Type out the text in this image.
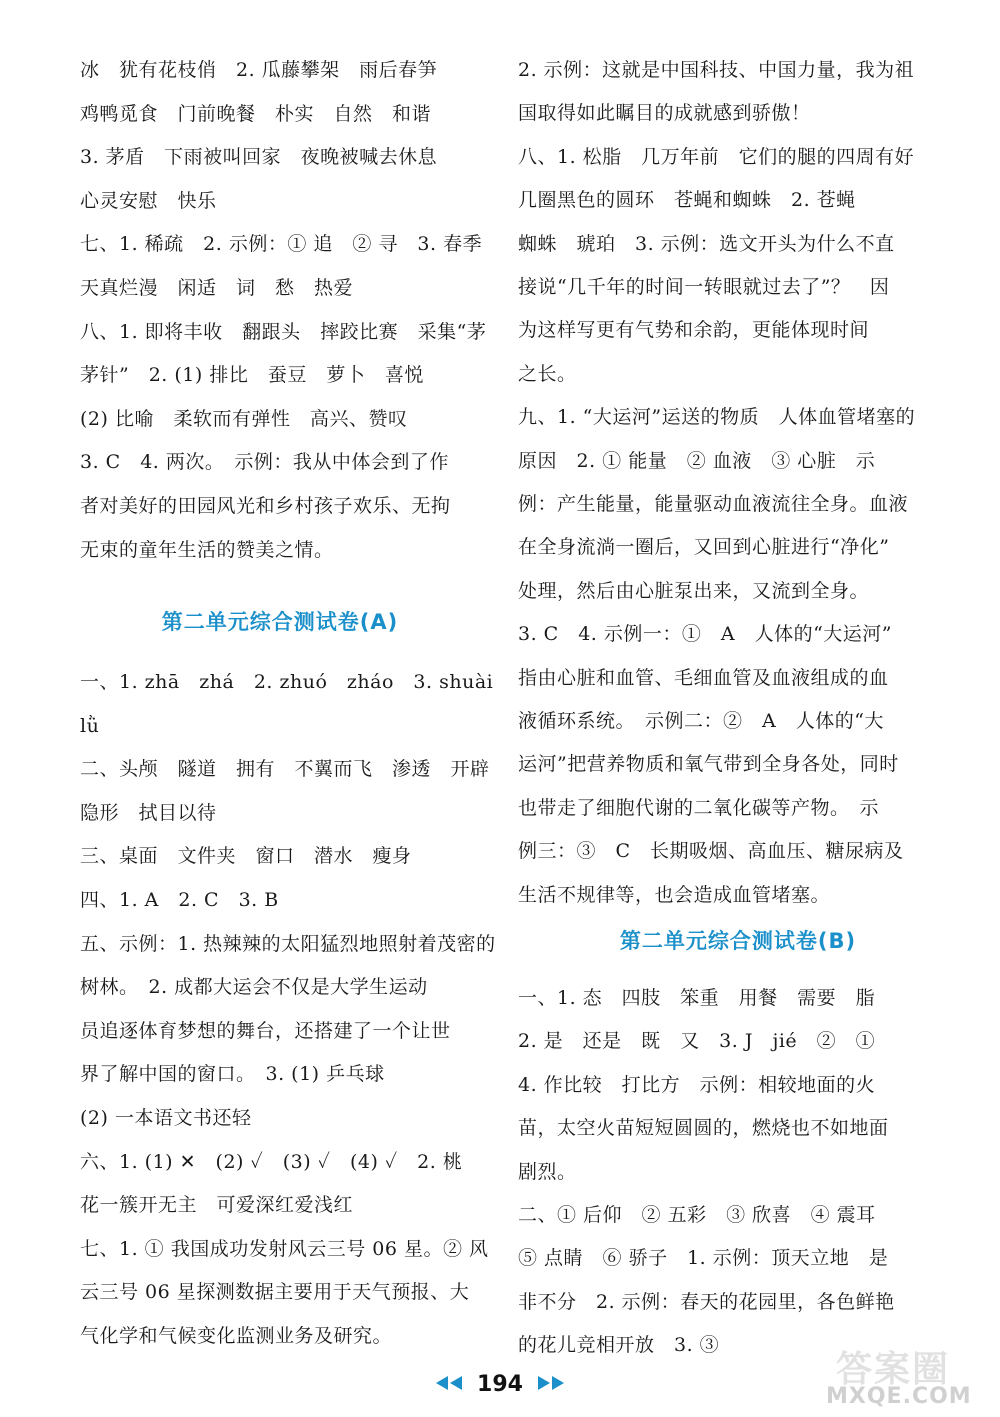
冰　犹有花枝俏　2. 瓜藤攀架　雨后春笋
鸡鸭觅食　门前晚餐　朴实　自然　和谐
3. 茅盾　下雨被叫回家　夜晚被喊去休息
心灵安慰　快乐
七、1. 稀疏　2. 示例：① 追　② 寻　3. 春季
天真烂漫　闲适　词　愁　热爱
八、1. 即将丰收　翻跟头　摔跤比赛　采集“茅
茅针”　2. (1) 排比　蚕豆　萝卜　喜悦
(2) 比喻　柔软而有弹性　高兴、赞叹
3. C　4. 两次。　示例：我从中体会到了作
者对美好的田园风光和乡村孩子欢乐、无拘
无束的童年生活的赞美之情。
第二单元综合测试卷(A)
一、1. zhā　zhá　2. zhuó　zháo　3. shuài
lǜ
二、头颅　隧道　拥有　不翼而飞　渗透　开辟
隐形　拭目以待
三、桌面　文件夹　窗口　潜水　瘦身
四、1. A　2. C　3. B
五、示例：1. 热辣辣的太阳猛烈地照射着茂密的
树林。　2. 成都大运会不仅是大学生运动
员追逐体育梦想的舞台，还搭建了一个让世
界了解中国的窗口。　3. (1) 乒乓球
(2) 一本语文书还轻
六、1. (1) ✕　(2) ✓　(3) ✓　(4) ✓　2. 桃
花一簇开无主　可爱深红爱浅红
七、1. ① 我国成功发射风云三号 06 星。② 风
云三号 06 星探测数据主要用于天气预报、大
气化学和气候变化监测业务及研究。
2. 示例：这就是中国科技、中国力量，我为祖
国取得如此瞩目的成就感到骄傲！
八、1. 松脂　几万年前　它们的腿的四周有好
几圈黑色的圆环　苍蝇和蜘蛛　2. 苍蝇
蜘蛛　琥珀　3. 示例：选文开头为什么不直
接说“几千年的时间一转眼就过去了”？　因
为这样写更有气势和余韵，更能体现时间
之长。
九、1. “大运河”运送的物质　人体血管堵塞的
原因　2. ① 能量　② 血液　③ 心脏　示
例：产生能量，能量驱动血液流往全身。血液
在全身流淌一圈后，又回到心脏进行“净化”
处理，然后由心脏泵出来，又流到全身。
3. C　4. 示例一：①　A　人体的“大运河”
指由心脏和血管、毛细血管及血液组成的血
液循环系统。　示例二：②　A　人体的“大
运河”把营养物质和氧气带到全身各处，同时
也带走了细胞代谢的二氧化碳等产物。　示
例三：③　C　长期吸烟、高血压、糖尿病及
生活不规律等，也会造成血管堵塞。
第二单元综合测试卷(B)
一、1. 态　四肢　笨重　用餐　需要　脂
2. 是　还是　既　又　3. J　jié　②　①
4. 作比较　打比方　示例：相较地面的火
苗，太空火苗短短圆圆的，燃烧也不如地面
剧烈。
二、① 后仰　② 五彩　③ 欣喜　④ 震耳
⑤ 点睛　⑥ 骄子　1. 示例：顶天立地　是
非不分　2. 示例：春天的花园里，各色鲜艳
的花儿竞相开放　3. ③
194	答案圈
MXQE.COM
